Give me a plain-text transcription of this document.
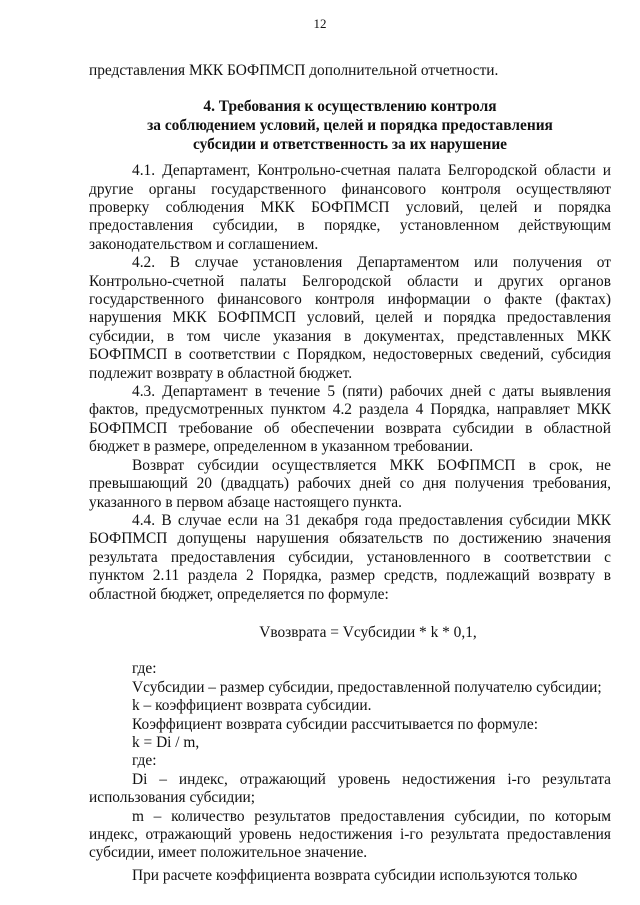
12

представления МКК БОФПМСП дополнительной отчетности.

4. Требования к осуществлению контроля
за соблюдением условий, целей и порядка предоставления
субсидии и ответственность за их нарушение

4.1. Департамент, Контрольно-счетная палата Белгородской области и другие органы государственного финансового контроля осуществляют проверку соблюдения МКК БОФПМСП условий, целей и порядка предоставления субсидии, в порядке, установленном действующим законодательством и соглашением.

4.2. В случае установления Департаментом или получения от Контрольно-счетной палаты Белгородской области и других органов государственного финансового контроля информации о факте (фактах) нарушения МКК БОФПМСП условий, целей и порядка предоставления субсидии, в том числе указания в документах, представленных МКК БОФПМСП в соответствии с Порядком, недостоверных сведений, субсидия подлежит возврату в областной бюджет.

4.3. Департамент в течение 5 (пяти) рабочих дней с даты выявления фактов, предусмотренных пунктом 4.2 раздела 4 Порядка, направляет МКК БОФПМСП требование об обеспечении возврата субсидии в областной бюджет в размере, определенном в указанном требовании.

Возврат субсидии осуществляется МКК БОФПМСП в срок, не превышающий 20 (двадцать) рабочих дней со дня получения требования, указанного в первом абзаце настоящего пункта.

4.4. В случае если на 31 декабря года предоставления субсидии МКК БОФПМСП допущены нарушения обязательств по достижению значения результата предоставления субсидии, установленного в соответствии с пунктом 2.11 раздела 2 Порядка, размер средств, подлежащий возврату в областной бюджет, определяется по формуле:

Vвозврата = Vсубсидии * k * 0,1,

где:

Vсубсидии – размер субсидии, предоставленной получателю субсидии;

k – коэффициент возврата субсидии.

Коэффициент возврата субсидии рассчитывается по формуле:

k = Di / m,

где:

Di – индекс, отражающий уровень недостижения i-го результата использования субсидии;

m – количество результатов предоставления субсидии, по которым индекс, отражающий уровень недостижения i-го результата предоставления субсидии, имеет положительное значение.

При расчете коэффициента возврата субсидии используются только
